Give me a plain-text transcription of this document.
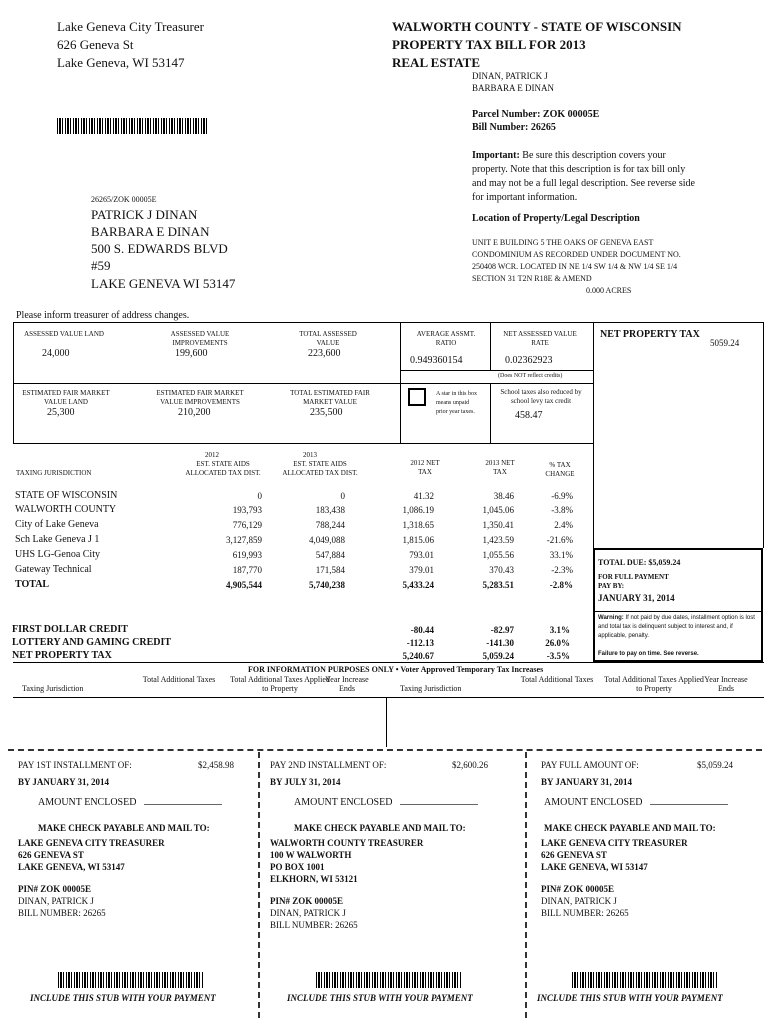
Lake Geneva City Treasurer
626 Geneva St
Lake Geneva, WI 53147
WALWORTH COUNTY - STATE OF WISCONSIN
PROPERTY TAX BILL FOR 2013
REAL ESTATE
DINAN, PATRICK J
BARBARA E DINAN
Parcel Number: ZOK 00005E
Bill Number: 26265
Important: Be sure this description covers your property. Note that this description is for tax bill only and may not be a full legal description. See reverse side for important information.
Location of Property/Legal Description
UNIT E BUILDING 5 THE OAKS OF GENEVA EAST
CONDOMINIUM AS RECORDED UNDER DOCUMENT NO.
250408 WCR. LOCATED IN NE 1/4 SW 1/4 & NW 1/4 SE 1/4
SECTION 31 T2N R18E & AMEND
0.000 ACRES
26265/ZOK 00005E
PATRICK J DINAN
BARBARA E DINAN
500 S. EDWARDS BLVD
#59
LAKE GENEVA WI 53147
Please inform treasurer of address changes.
ASSESSED VALUE LAND
24,000
ASSESSED VALUE IMPROVEMENTS
199,600
TOTAL ASSESSED VALUE
223,600
AVERAGE ASSMT. RATIO
0.949360154
NET ASSESSED VALUE RATE
0.02362923
(Does NOT reflect credits)
NET PROPERTY TAX
5059.24
ESTIMATED FAIR MARKET VALUE LAND
25,300
ESTIMATED FAIR MARKET VALUE IMPROVEMENTS
210,200
TOTAL ESTIMATED FAIR MARKET VALUE
235,500
A star in this box means unpaid prior year taxes.
School taxes also reduced by school levy tax credit
458.47
TAXING JURISDICTION
2012
EST. STATE AIDS ALLOCATED TAX DIST.
2013
EST. STATE AIDS ALLOCATED TAX DIST.
2012 NET TAX
2013 NET TAX
% TAX CHANGE
STATE OF WISCONSIN	0	0	41.32	38.46	-6.9%
WALWORTH COUNTY	193,793	183,438	1,086.19	1,045.06	-3.8%
City of Lake Geneva	776,129	788,244	1,318.65	1,350.41	2.4%
Sch Lake Geneva J 1	3,127,859	4,049,088	1,815.06	1,423.59	-21.6%
UHS LG-Genoa City	619,993	547,884	793.01	1,055.56	33.1%
Gateway Technical	187,770	171,584	379.01	370.43	-2.3%
TOTAL	4,905,544	5,740,238	5,433.24	5,283.51	-2.8%
FIRST DOLLAR CREDIT	-80.44	-82.97	3.1%
LOTTERY AND GAMING CREDIT	-112.13	-141.30	26.0%
NET PROPERTY TAX	5,240.67	5,059.24	-3.5%
TOTAL DUE: $5,059.24
FOR FULL PAYMENT
PAY BY:
JANUARY 31, 2014
Warning: If not paid by due dates, installment option is lost and total tax is delinquent subject to interest and, if applicable, penalty.
Failure to pay on time. See reverse.
FOR INFORMATION PURPOSES ONLY • Voter Approved Temporary Tax Increases
Taxing Jurisdiction
Total Additional Taxes Total Additional Taxes Applied to Property
Year Increase Ends	Taxing Jurisdiction
Total Additional Taxes Total Additional Taxes Applied to Property
Year Increase Ends
PAY 1ST INSTALLMENT OF:	$2,458.98
BY JANUARY 31, 2014
AMOUNT ENCLOSED
MAKE CHECK PAYABLE AND MAIL TO:
LAKE GENEVA CITY TREASURER
626 GENEVA ST
LAKE GENEVA, WI 53147
PIN# ZOK 00005E
DINAN, PATRICK J
BILL NUMBER: 26265
INCLUDE THIS STUB WITH YOUR PAYMENT
PAY 2ND INSTALLMENT OF:	$2,600.26
BY JULY 31, 2014
AMOUNT ENCLOSED
MAKE CHECK PAYABLE AND MAIL TO:
WALWORTH COUNTY TREASURER
100 W WALWORTH
PO BOX 1001
ELKHORN, WI 53121
PIN# ZOK 00005E
DINAN, PATRICK J
BILL NUMBER: 26265
INCLUDE THIS STUB WITH YOUR PAYMENT
PAY FULL AMOUNT OF:	$5,059.24
BY JANUARY 31, 2014
AMOUNT ENCLOSED
MAKE CHECK PAYABLE AND MAIL TO:
LAKE GENEVA CITY TREASURER
626 GENEVA ST
LAKE GENEVA, WI 53147
PIN# ZOK 00005E
DINAN, PATRICK J
BILL NUMBER: 26265
INCLUDE THIS STUB WITH YOUR PAYMENT
